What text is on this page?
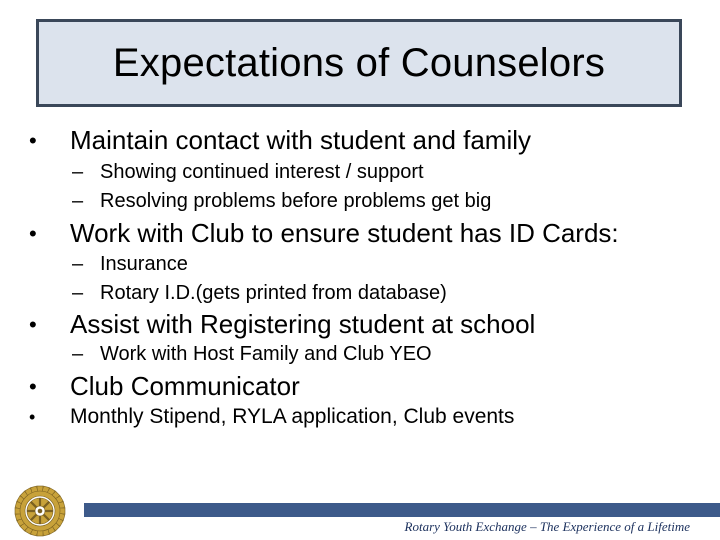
Expectations of Counselors
• Maintain contact with student and family
– Showing continued interest / support
– Resolving problems before problems get big
• Work with Club to ensure student has ID Cards:
– Insurance
– Rotary I.D.(gets printed from database)
• Assist with Registering student at school
– Work with Host Family and Club YEO
• Club Communicator
• Monthly Stipend, RYLA application, Club events
Rotary Youth Exchange – The Experience of a Lifetime
